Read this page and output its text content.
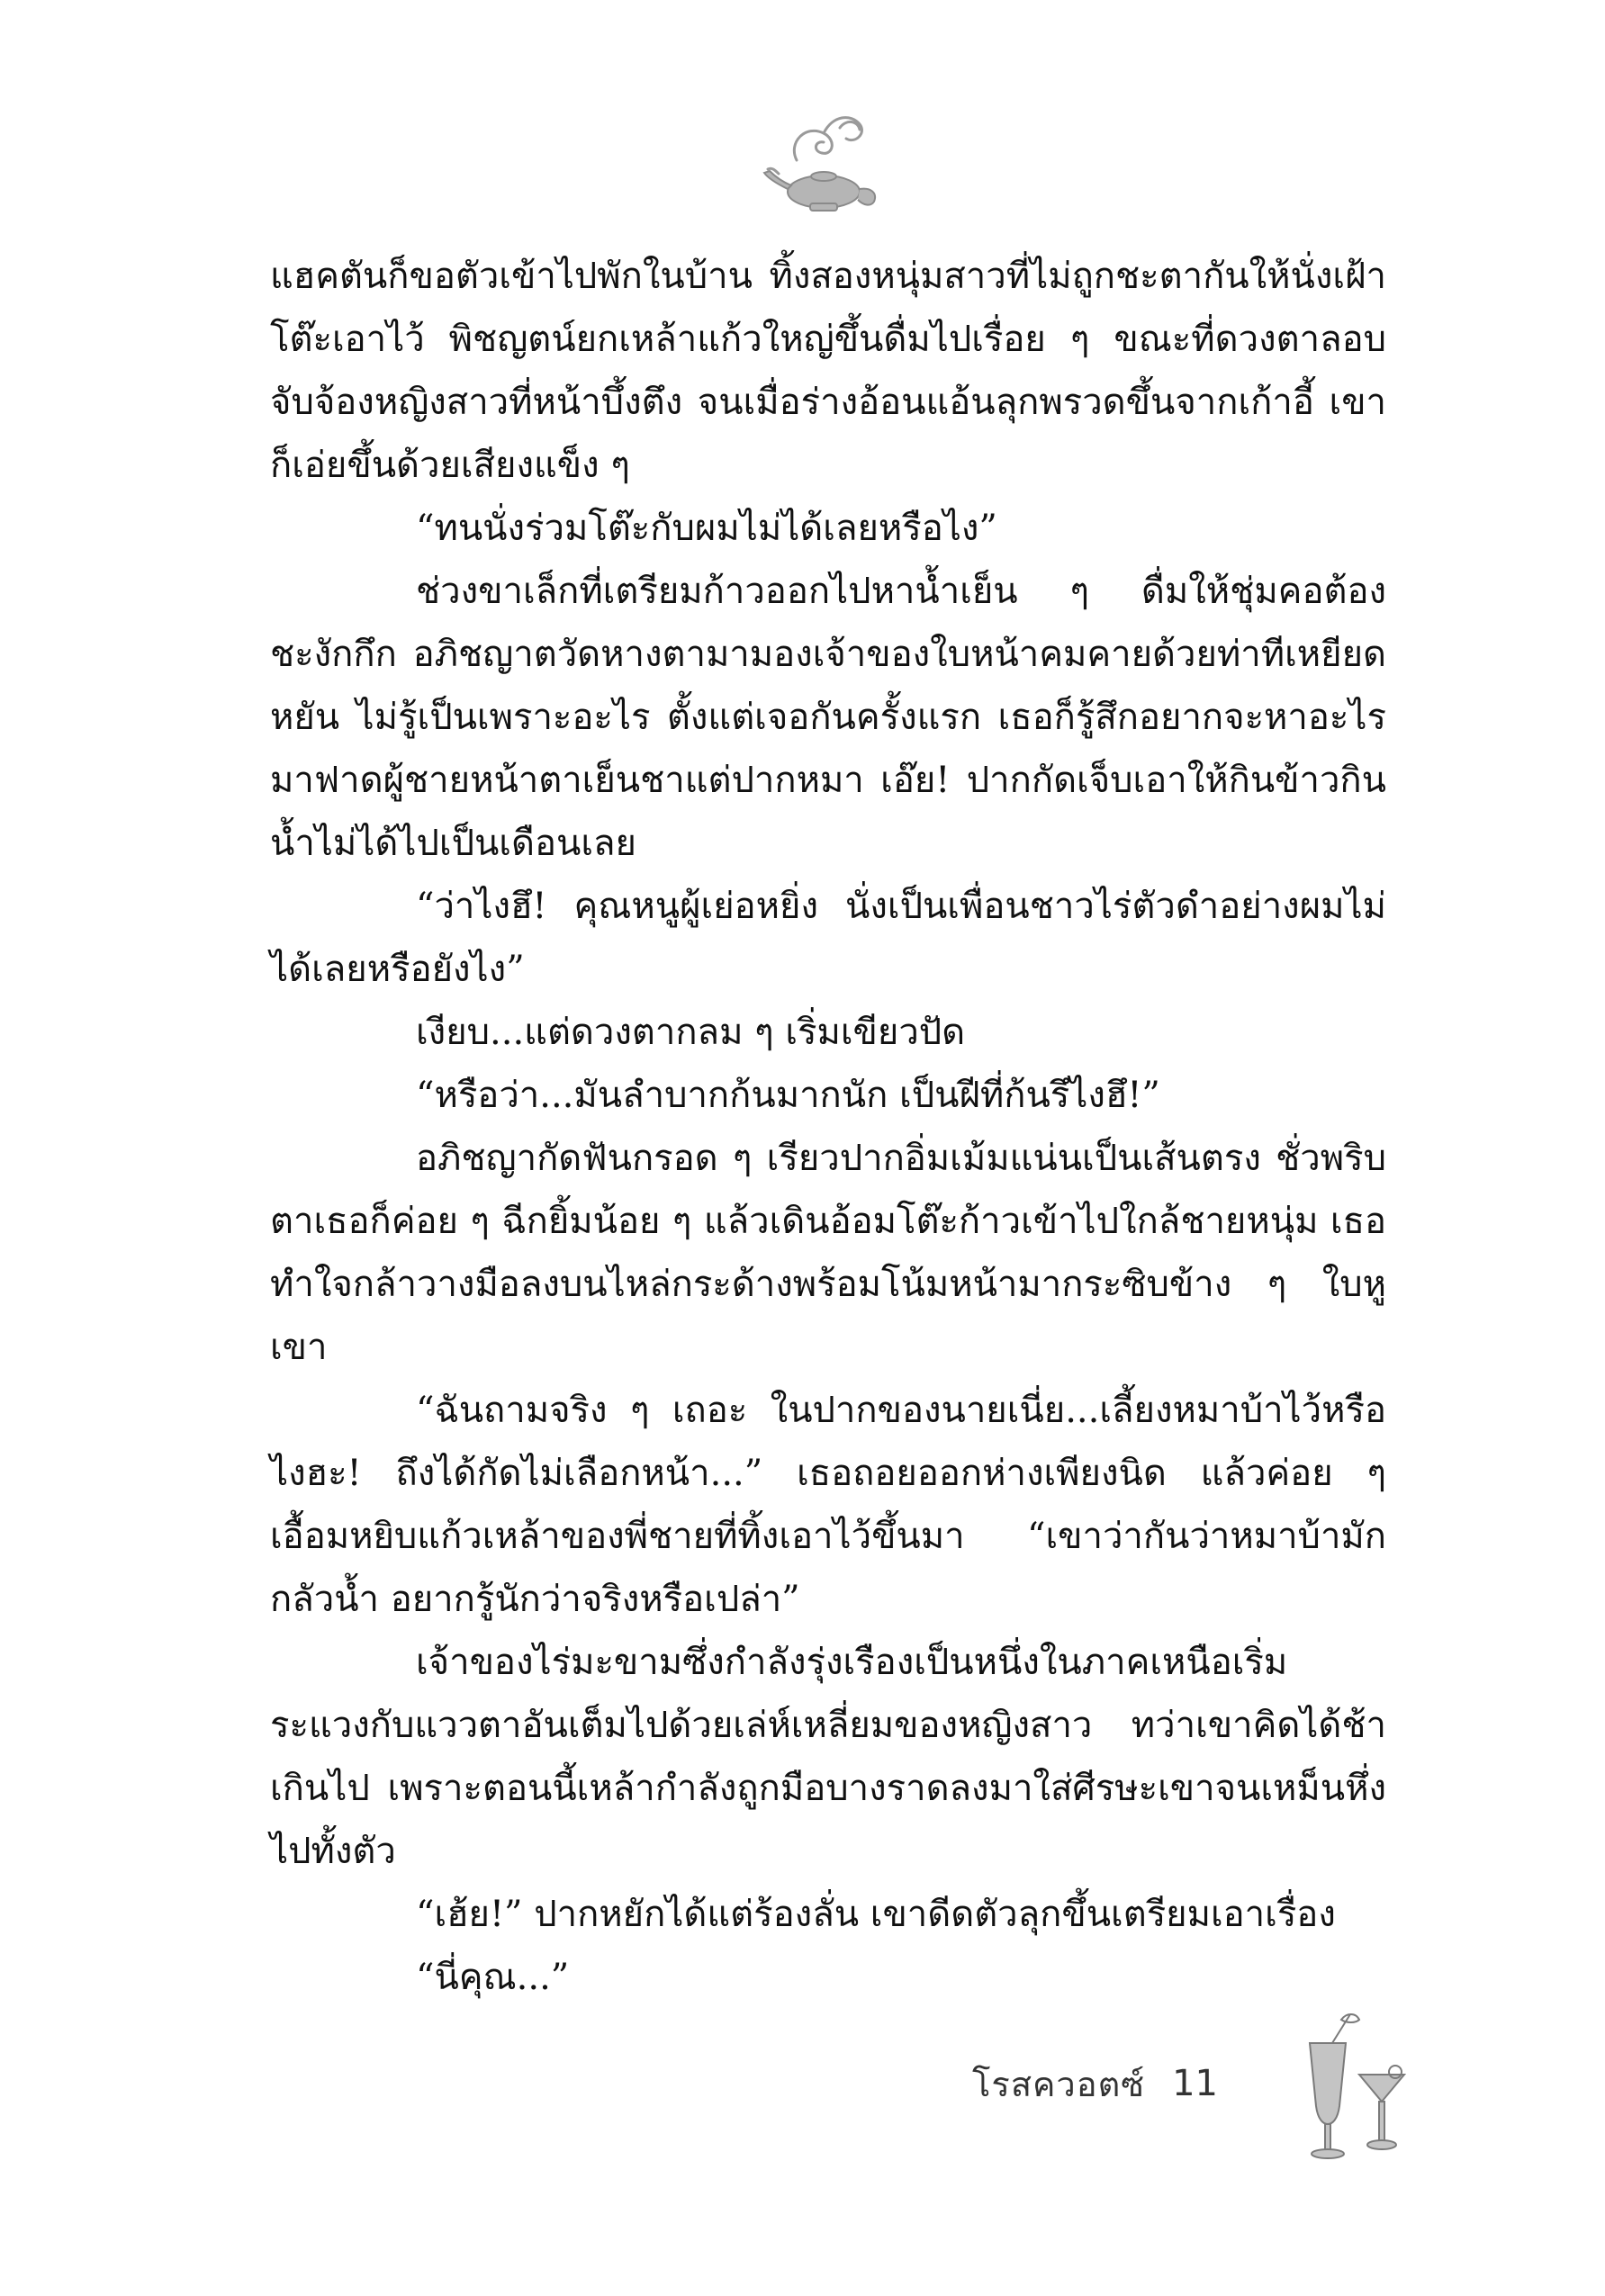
แฮคตันก็ขอตัวเข้าไปพักในบ้าน ทิ้งสองหนุ่มสาวที่ไม่ถูกชะตากันให้นั่งเฝ้าโต๊ะเอาไว้ พิชญตน์ยกเหล้าแก้วใหญ่ขึ้นดื่มไปเรื่อย ๆ ขณะที่ดวงตาลอบจับจ้องหญิงสาวที่หน้าบึ้งตึง จนเมื่อร่างอ้อนแอ้นลุกพรวดขึ้นจากเก้าอี้ เขาก็เอ่ยขึ้นด้วยเสียงแข็ง ๆ

“ทนนั่งร่วมโต๊ะกับผมไม่ได้เลยหรือไง”

ช่วงขาเล็กที่เตรียมก้าวออกไปหาน้ำเย็น ๆ ดื่มให้ชุ่มคอต้องชะงักกึก อภิชญาตวัดหางตามามองเจ้าของใบหน้าคมคายด้วยท่าทีเหยียดหยัน ไม่รู้เป็นเพราะอะไร ตั้งแต่เจอกันครั้งแรก เธอก็รู้สึกอยากจะหาอะไรมาฟาดผู้ชายหน้าตาเย็นชาแต่ปากหมา เอ๊ย! ปากกัดเจ็บเอาให้กินข้าวกินน้ำไม่ได้ไปเป็นเดือนเลย

“ว่าไงฮึ! คุณหนูผู้เย่อหยิ่ง นั่งเป็นเพื่อนชาวไร่ตัวดำอย่างผมไม่ได้เลยหรือยังไง”

เงียบ...แต่ดวงตากลม ๆ เริ่มเขียวปัด

“หรือว่า...มันลำบากก้นมากนัก เป็นฝีที่ก้นรึไงฮึ!”

อภิชญากัดฟันกรอด ๆ เรียวปากอิ่มเม้มแน่นเป็นเส้นตรง ชั่วพริบตาเธอก็ค่อย ๆ ฉีกยิ้มน้อย ๆ แล้วเดินอ้อมโต๊ะก้าวเข้าไปใกล้ชายหนุ่ม เธอทำใจกล้าวางมือลงบนไหล่กระด้างพร้อมโน้มหน้ามากระซิบข้าง ๆ ใบหูเขา

“ฉันถามจริง ๆ เถอะ ในปากของนายเนี่ย...เลี้ยงหมาบ้าไว้หรือไงฮะ! ถึงได้กัดไม่เลือกหน้า...” เธอถอยออกห่างเพียงนิด แล้วค่อย ๆ เอื้อมหยิบแก้วเหล้าของพี่ชายที่ทิ้งเอาไว้ขึ้นมา “เขาว่ากันว่าหมาบ้ามักกลัวน้ำ อยากรู้นักว่าจริงหรือเปล่า”

เจ้าของไร่มะขามซึ่งกำลังรุ่งเรืองเป็นหนึ่งในภาคเหนือเริ่มระแวงกับแววตาอันเต็มไปด้วยเล่ห์เหลี่ยมของหญิงสาว ทว่าเขาคิดได้ช้าเกินไป เพราะตอนนี้เหล้ากำลังถูกมือบางราดลงมาใส่ศีรษะเขาจนเหม็นหึ่งไปทั้งตัว

“เฮ้ย!” ปากหยักได้แต่ร้องลั่น เขาดีดตัวลุกขึ้นเตรียมเอาเรื่อง

“นี่คุณ...”

โรสควอตซ์ 11
